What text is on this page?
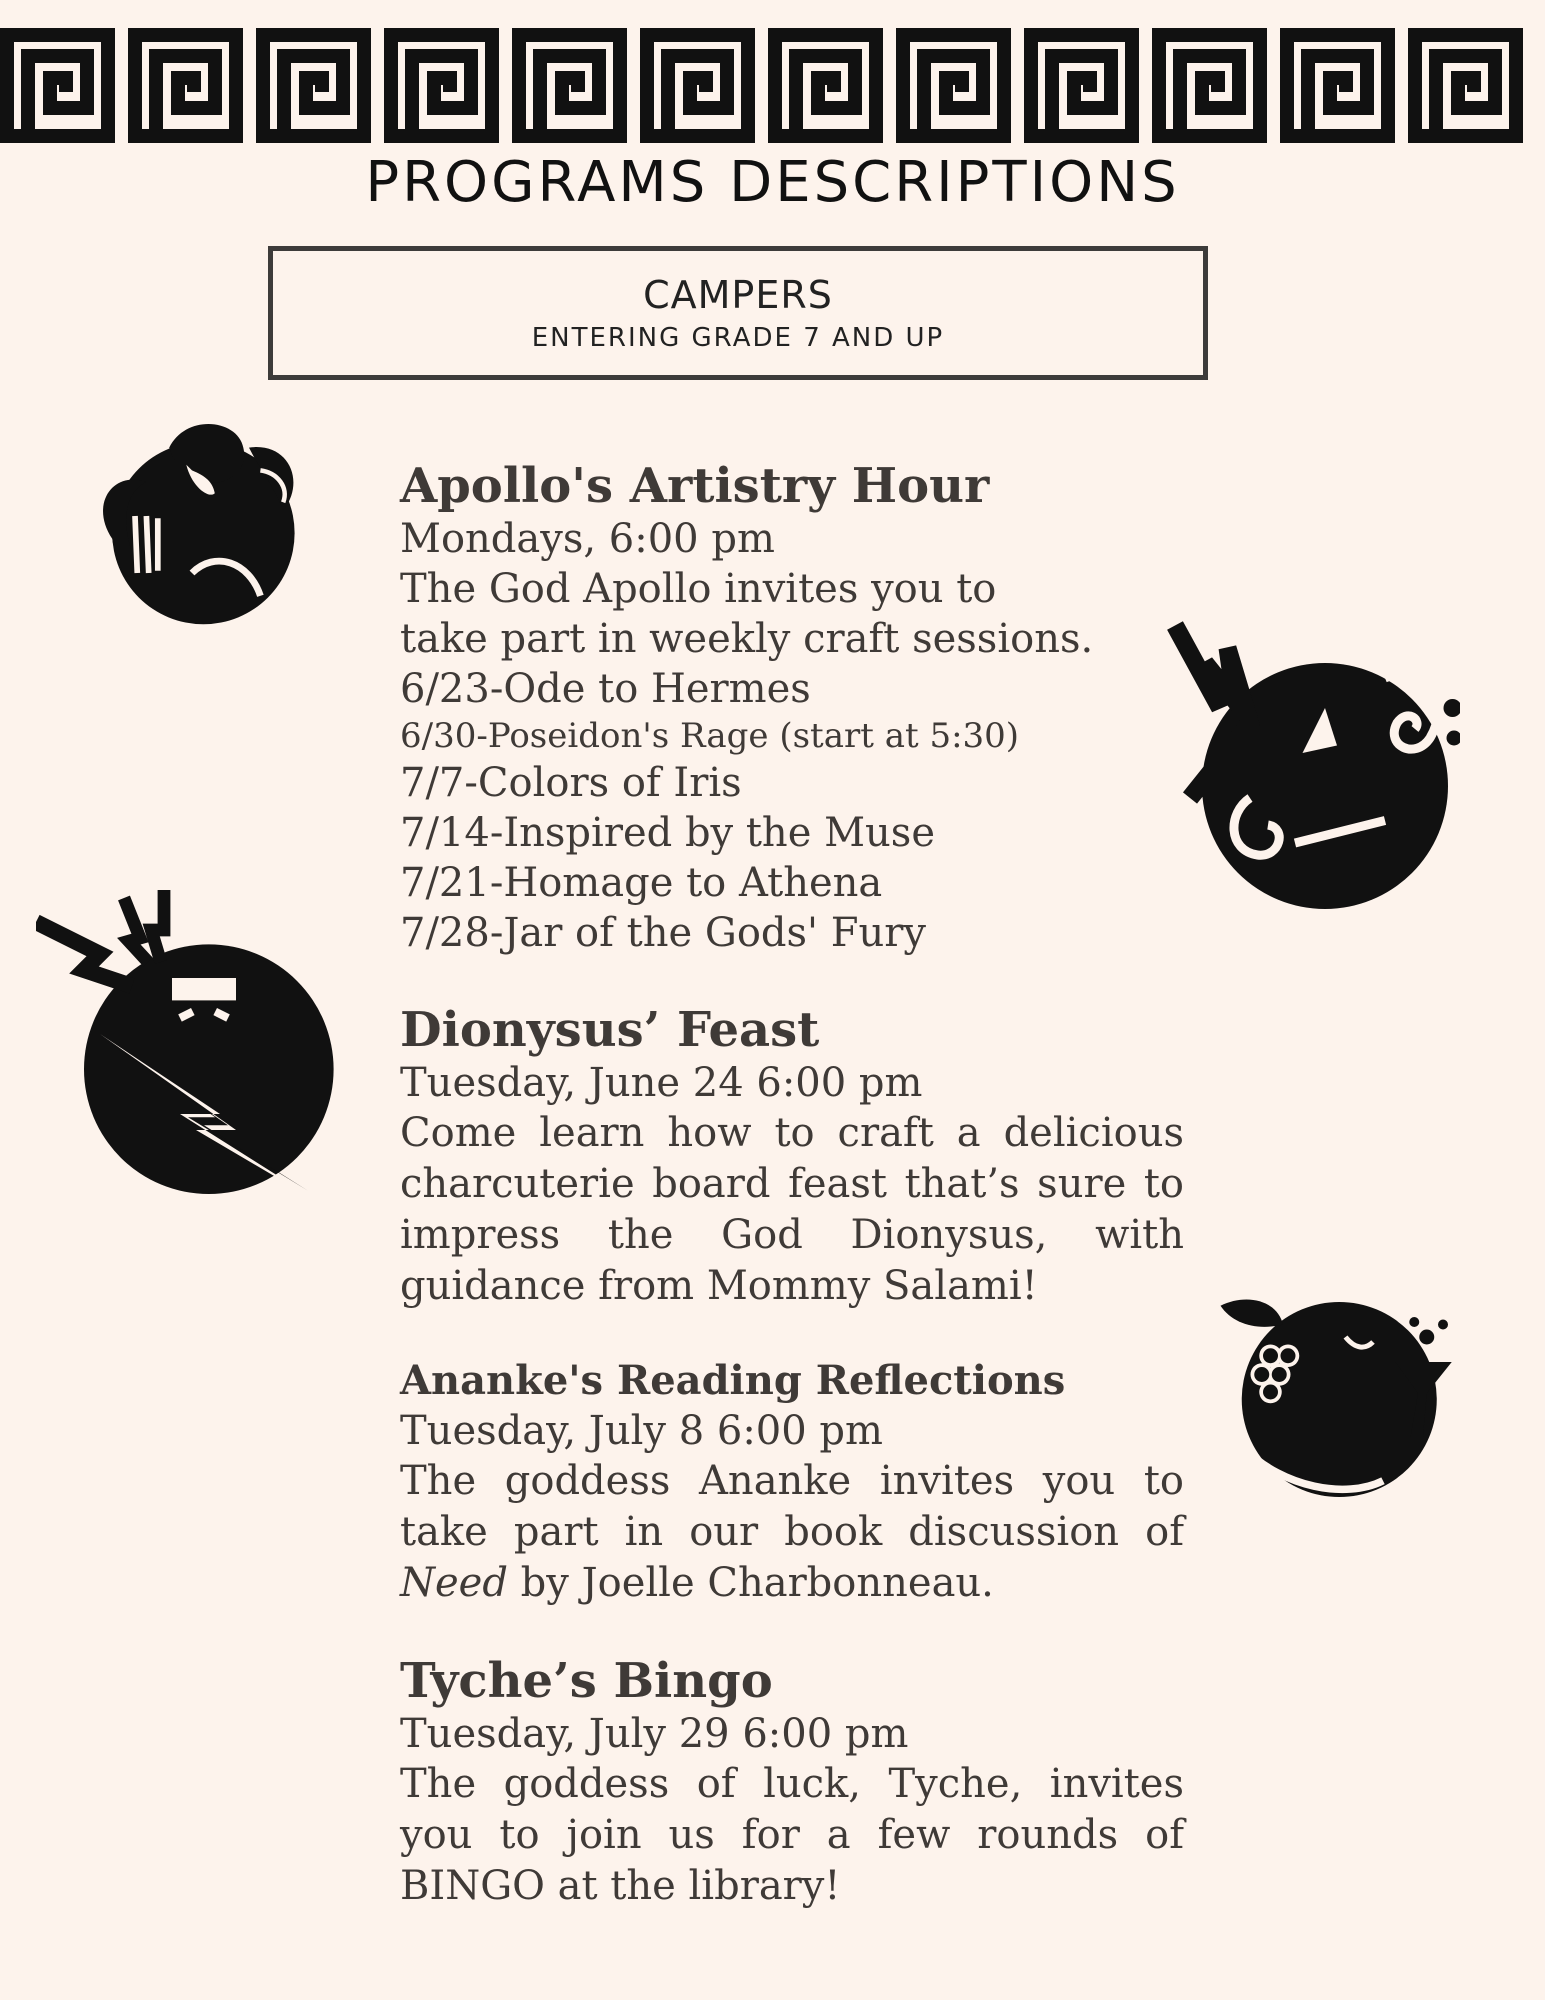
PROGRAMS DESCRIPTIONS
CAMPERS
ENTERING GRADE 7 AND UP
Apollo's Artistry Hour
Mondays, 6:00 pm
The God Apollo invites you to
take part in weekly craft sessions.
6/23-Ode to Hermes
6/30-Poseidon's Rage (start at 5:30)
7/7-Colors of Iris
7/14-Inspired by the Muse
7/21-Homage to Athena
7/28-Jar of the Gods' Fury
Dionysus’ Feast
Tuesday, June 24 6:00 pm
Come learn how to craft a delicious charcuterie board feast that’s sure to impress the God Dionysus, with guidance from Mommy Salami!
Ananke's Reading Reflections
Tuesday, July 8 6:00 pm
The goddess Ananke invites you to take part in our book discussion of Need by Joelle Charbonneau.
Tyche’s Bingo
Tuesday, July 29 6:00 pm
The goddess of luck, Tyche, invites you to join us for a few rounds of BINGO at the library!
